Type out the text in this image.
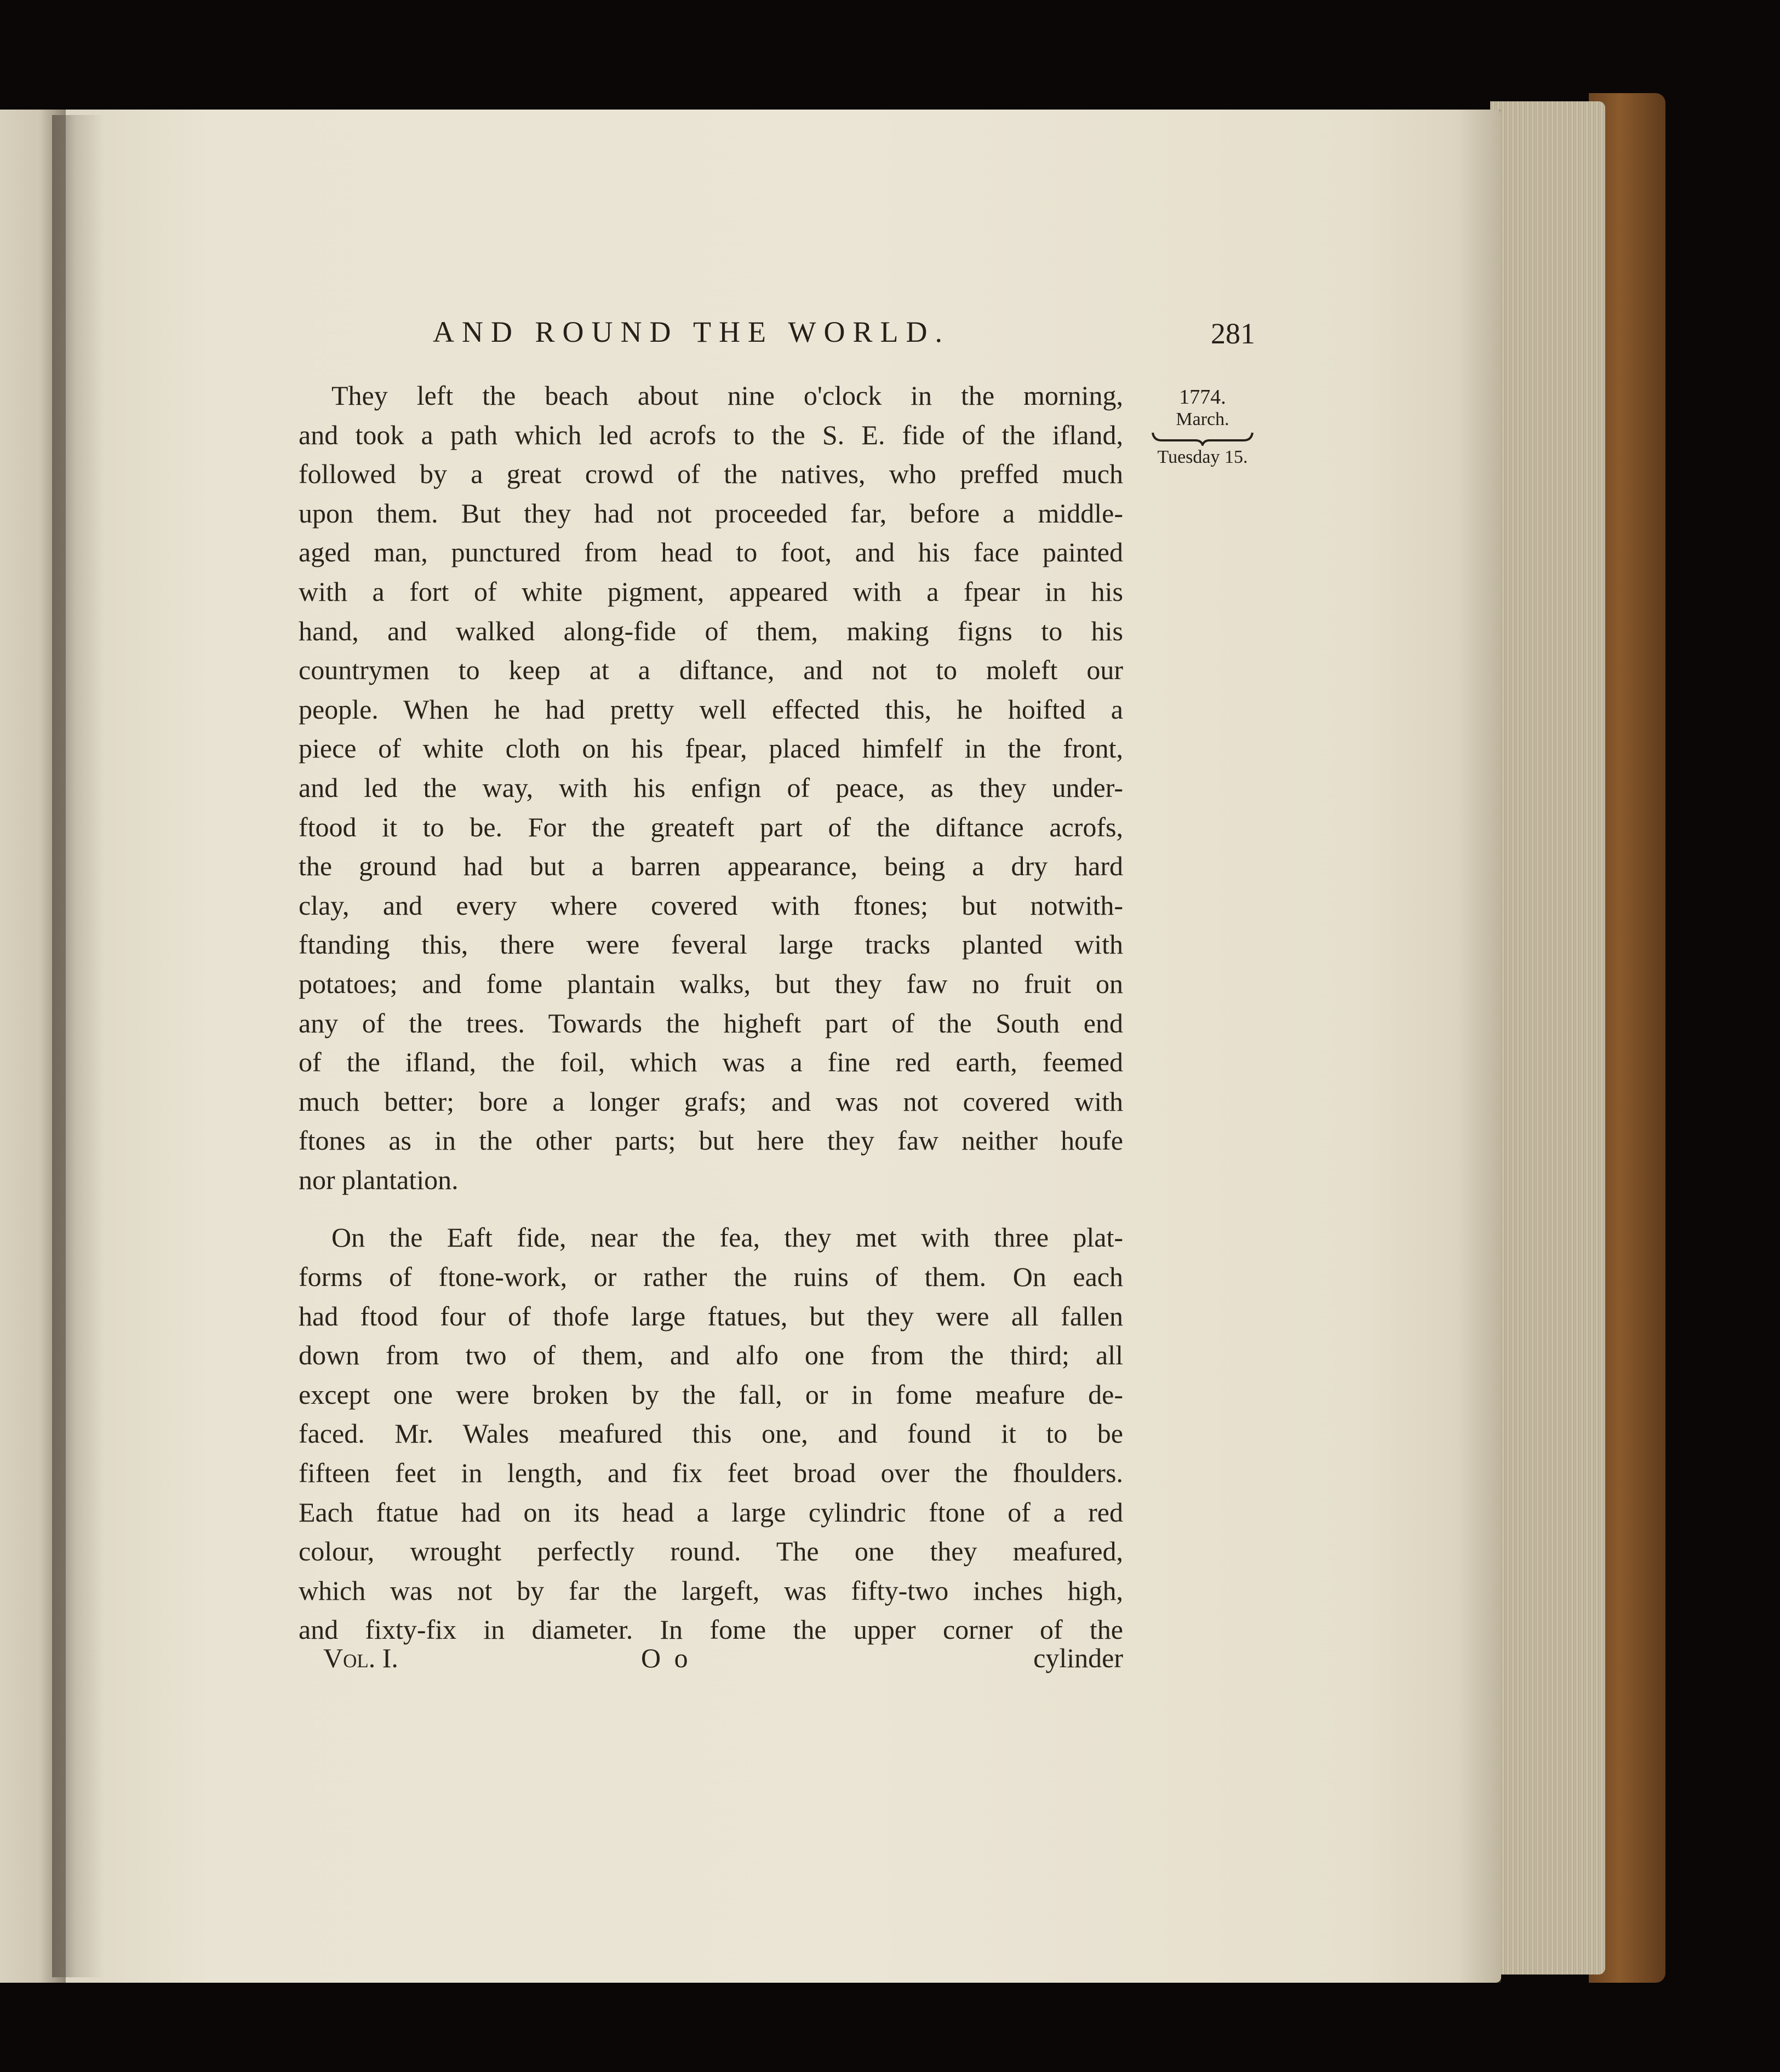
AND ROUND THE WORLD.	281
1774.
March.
Tuesday 15.
They left the beach about nine o'clock in the morning,
and took a path which led acrofs to the S. E. fide of the ifland,
followed by a great crowd of the natives, who preffed much
upon them. But they had not proceeded far, before a middle-
aged man, punctured from head to foot, and his face painted
with a fort of white pigment, appeared with a fpear in his
hand, and walked along-fide of them, making figns to his
countrymen to keep at a diftance, and not to moleft our
people. When he had pretty well effected this, he hoifted a
piece of white cloth on his fpear, placed himfelf in the front,
and led the way, with his enfign of peace, as they under-
ftood it to be. For the greateft part of the diftance acrofs,
the ground had but a barren appearance, being a dry hard
clay, and every where covered with ftones; but notwith-
ftanding this, there were feveral large tracks planted with
potatoes; and fome plantain walks, but they faw no fruit on
any of the trees. Towards the higheft part of the South end
of the ifland, the foil, which was a fine red earth, feemed
much better; bore a longer grafs; and was not covered with
ftones as in the other parts; but here they faw neither houfe
nor plantation.
On the Eaft fide, near the fea, they met with three plat-
forms of ftone-work, or rather the ruins of them. On each
had ftood four of thofe large ftatues, but they were all fallen
down from two of them, and alfo one from the third; all
except one were broken by the fall, or in fome meafure de-
faced. Mr. Wales meafured this one, and found it to be
fifteen feet in length, and fix feet broad over the fhoulders.
Each ftatue had on its head a large cylindric ftone of a red
colour, wrought perfectly round. The one they meafured,
which was not by far the largeft, was fifty-two inches high,
and fixty-fix in diameter. In fome the upper corner of the
Vol. I.	O o	cylinder
